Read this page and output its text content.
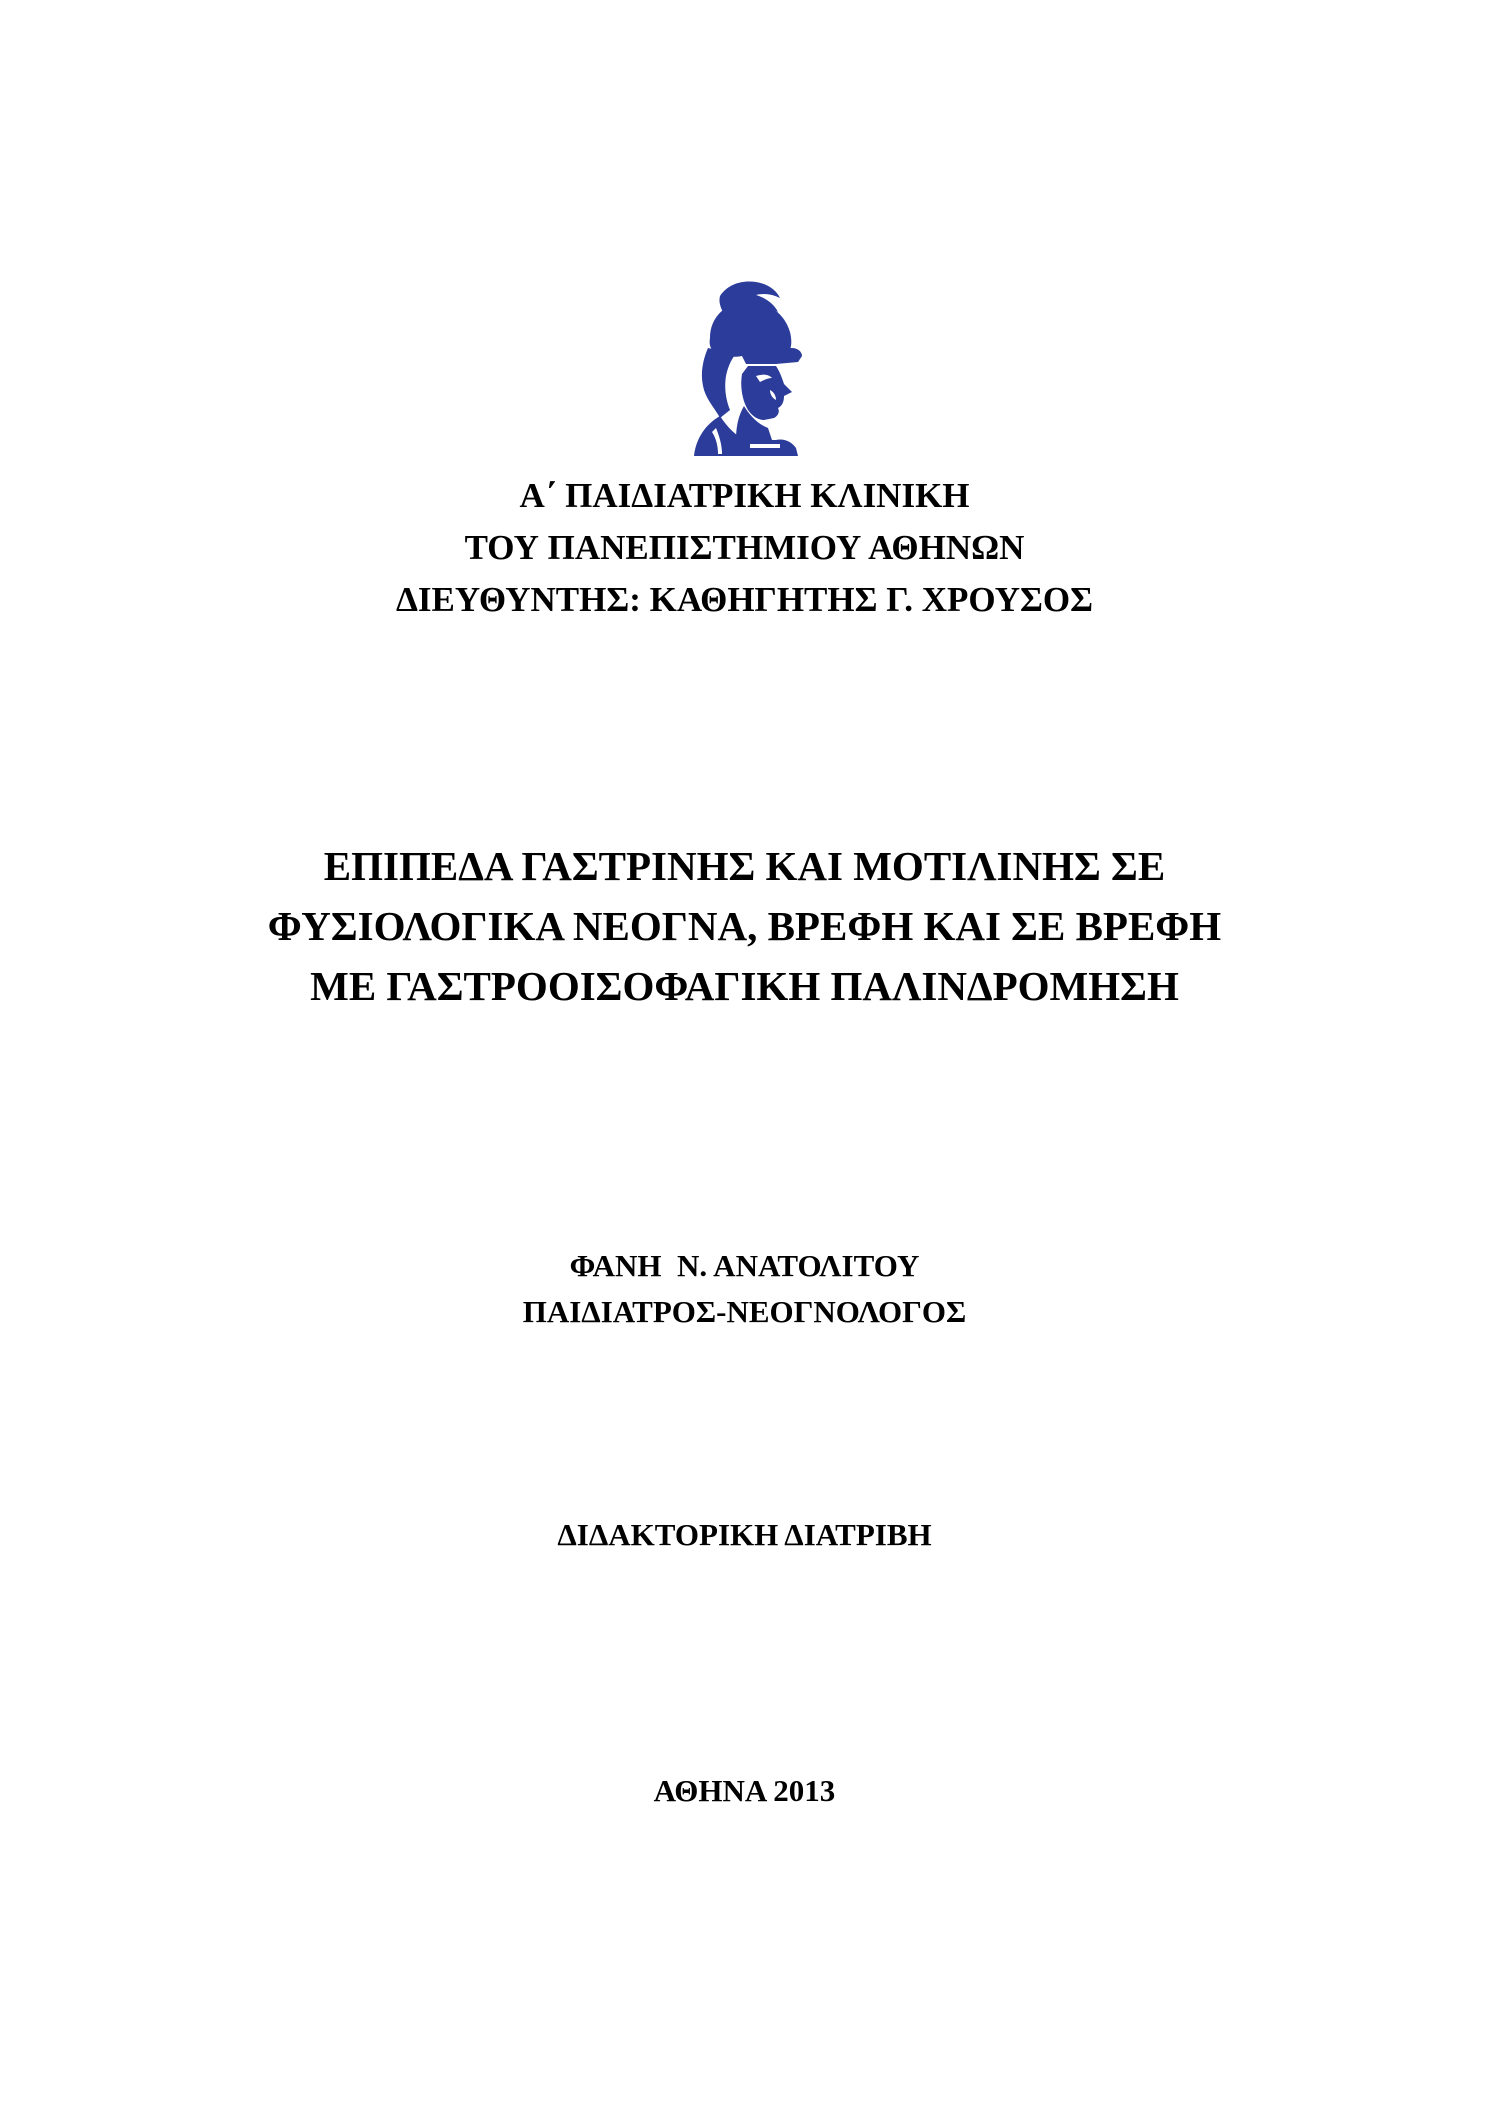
Α΄ ΠΑΙΔΙΑΤΡΙΚΗ ΚΛΙΝΙΚΗ
ΤΟΥ ΠΑΝΕΠΙΣΤΗΜΙΟΥ ΑΘΗΝΩΝ
ΔΙΕΥΘΥΝΤΗΣ: ΚΑΘΗΓΗΤΗΣ Γ. ΧΡΟΥΣΟΣ
ΕΠΙΠΕΔΑ ΓΑΣΤΡΙΝΗΣ ΚΑΙ ΜΟΤΙΛΙΝΗΣ ΣΕ
ΦΥΣΙΟΛΟΓΙΚΑ ΝΕΟΓΝΑ, ΒΡΕΦΗ ΚΑΙ ΣΕ ΒΡΕΦΗ
ΜΕ ΓΑΣΤΡΟΟΙΣΟΦΑΓΙΚΗ ΠΑΛΙΝΔΡΟΜΗΣΗ
ΦΑΝΗ  Ν. ΑΝΑΤΟΛΙΤΟΥ
ΠΑΙΔΙΑΤΡΟΣ-ΝΕΟΓΝΟΛΟΓΟΣ
ΔΙΔΑΚΤΟΡΙΚΗ ΔΙΑΤΡΙΒΗ
ΑΘΗΝΑ 2013
